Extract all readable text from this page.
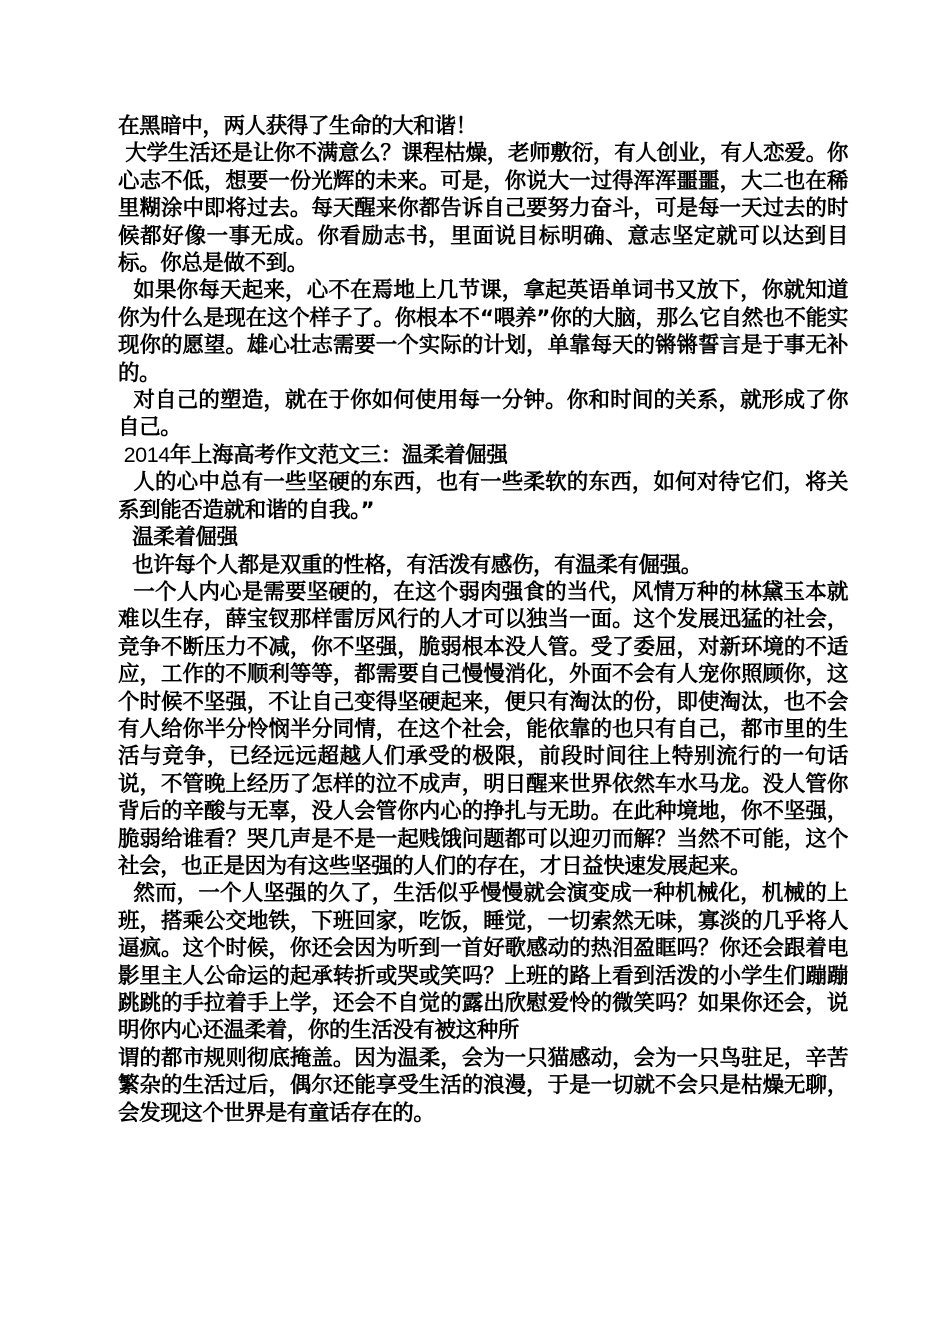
在黑暗中，两人获得了生命的大和谐！

大学生活还是让你不满意么？课程枯燥，老师敷衍，有人创业，有人恋爱。你心志不低，想要一份光辉的未来。可是，你说大一过得浑浑噩噩，大二也在稀里糊涂中即将过去。每天醒来你都告诉自己要努力奋斗，可是每一天过去的时候都好像一事无成。你看励志书，里面说目标明确、意志坚定就可以达到目标。你总是做不到。

如果你每天起来，心不在焉地上几节课，拿起英语单词书又放下，你就知道你为什么是现在这个样子了。你根本不“喂养”你的大脑，那么它自然也不能实现你的愿望。雄心壮志需要一个实际的计划，单靠每天的锵锵誓言是于事无补的。

对自己的塑造，就在于你如何使用每一分钟。你和时间的关系，就形成了你自己。

2014年上海高考作文范文三：温柔着倔强

人的心中总有一些坚硬的东西，也有一些柔软的东西，如何对待它们，将关系到能否造就和谐的自我。”

温柔着倔强

也许每个人都是双重的性格，有活泼有感伤，有温柔有倔强。

一个人内心是需要坚硬的，在这个弱肉强食的当代，风情万种的林黛玉本就难以生存，薛宝钗那样雷厉风行的人才可以独当一面。这个发展迅猛的社会，竞争不断压力不减，你不坚强，脆弱根本没人管。受了委屈，对新环境的不适应，工作的不顺利等等，都需要自己慢慢消化，外面不会有人宠你照顾你，这个时候不坚强，不让自己变得坚硬起来，便只有淘汰的份，即使淘汰，也不会有人给你半分怜悯半分同情，在这个社会，能依靠的也只有自己，都市里的生活与竞争，已经远远超越人们承受的极限，前段时间往上特别流行的一句话说，不管晚上经历了怎样的泣不成声，明日醒来世界依然车水马龙。没人管你背后的辛酸与无辜，没人会管你内心的挣扎与无助。在此种境地，你不坚强，脆弱给谁看？哭几声是不是一起贱饿问题都可以迎刃而解？当然不可能，这个社会，也正是因为有这些坚强的人们的存在，才日益快速发展起来。

然而，一个人坚强的久了，生活似乎慢慢就会演变成一种机械化，机械的上班，搭乘公交地铁，下班回家，吃饭，睡觉，一切索然无味，寡淡的几乎将人逼疯。这个时候，你还会因为听到一首好歌感动的热泪盈眶吗？你还会跟着电影里主人公命运的起承转折或哭或笑吗？上班的路上看到活泼的小学生们蹦蹦跳跳的手拉着手上学，还会不自觉的露出欣慰爱怜的微笑吗？如果你还会，说明你内心还温柔着，你的生活没有被这种所

谓的都市规则彻底掩盖。因为温柔，会为一只猫感动，会为一只鸟驻足，辛苦繁杂的生活过后，偶尔还能享受生活的浪漫，于是一切就不会只是枯燥无聊，会发现这个世界是有童话存在的。
